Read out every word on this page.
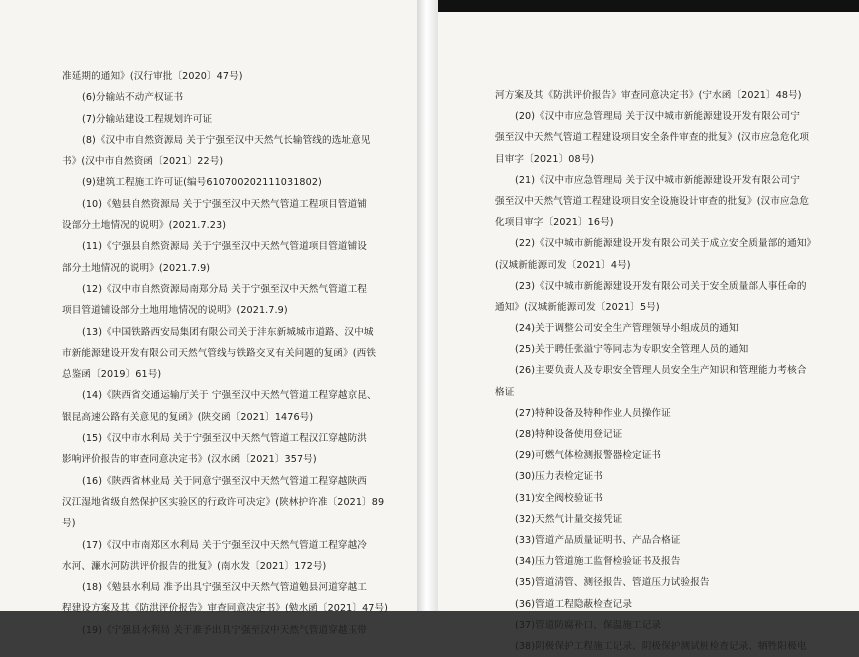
准延期的通知》(汉行审批〔2020〕47号)
(6)分输站不动产权证书
(7)分输站建设工程规划许可证
(8)《汉中市自然资源局 关于宁强至汉中天然气长输管线的选址意见
书》(汉中市自然资函〔2021〕22号)
(9)建筑工程施工许可证(编号610700202111031802)
(10)《勉县自然资源局 关于宁强至汉中天然气管道工程项目管道铺
设部分土地情况的说明》(2021.7.23)
(11)《宁强县自然资源局 关于宁强至汉中天然气管道项目管道铺设
部分土地情况的说明》(2021.7.9)
(12)《汉中市自然资源局南郑分局 关于宁强至汉中天然气管道工程
项目管道铺设部分土地用地情况的说明》(2021.7.9)
(13)《中国铁路西安局集团有限公司关于沣东新城城市道路、汉中城
市新能源建设开发有限公司天然气管线与铁路交叉有关问题的复函》(西铁
总鉴函〔2019〕61号)
(14)《陕西省交通运输厅关于 宁强至汉中天然气管道工程穿越京昆、
银昆高速公路有关意见的复函》(陕交函〔2021〕1476号)
(15)《汉中市水利局 关于宁强至汉中天然气管道工程汉江穿越防洪
影响评价报告的审查同意决定书》(汉水函〔2021〕357号)
(16)《陕西省林业局 关于同意宁强至汉中天然气管道工程穿越陕西
汉江湿地省级自然保护区实验区的行政许可决定》(陕林护许准〔2021〕89
号)
(17)《汉中市南郑区水利局 关于宁强至汉中天然气管道工程穿越冷
水河、濂水河防洪评价报告的批复》(南水发〔2021〕172号)
(18)《勉县水利局 准予出具宁强至汉中天然气管道勉县河道穿越工
程建设方案及其《防洪评价报告》审查同意决定书》(勉水函〔2021〕47号)
(19)《宁强县水利局 关于准予出具宁强至汉中天然气管道穿越玉带
河方案及其《防洪评价报告》审查同意决定书》(宁水函〔2021〕48号)
(20)《汉中市应急管理局 关于汉中城市新能源建设开发有限公司宁
强至汉中天然气管道工程建设项目安全条件审查的批复》(汉市应急危化项
目审字〔2021〕08号)
(21)《汉中市应急管理局 关于汉中城市新能源建设开发有限公司宁
强至汉中天然气管道工程建设项目安全设施设计审查的批复》(汉市应急危
化项目审字〔2021〕16号)
(22)《汉中城市新能源建设开发有限公司关于成立安全质量部的通知》
(汉城新能源司发〔2021〕4号)
(23)《汉中城市新能源建设开发有限公司关于安全质量部人事任命的
通知》(汉城新能源司发〔2021〕5号)
(24)关于调整公司安全生产管理领导小组成员的通知
(25)关于聘任张溢宁等同志为专职安全管理人员的通知
(26)主要负责人及专职安全管理人员安全生产知识和管理能力考核合
格证
(27)特种设备及特种作业人员操作证
(28)特种设备使用登记证
(29)可燃气体检测报警器检定证书
(30)压力表检定证书
(31)安全阀校验证书
(32)天然气计量交接凭证
(33)管道产品质量证明书、产品合格证
(34)压力管道施工监督检验证书及报告
(35)管道清管、测径报告、管道压力试验报告
(36)管道工程隐蔽检查记录
(37)管道防腐补口、保温施工记录
(38)阴极保护工程施工记录、阴极保护测试桩检查记录、牺牲阳极电
